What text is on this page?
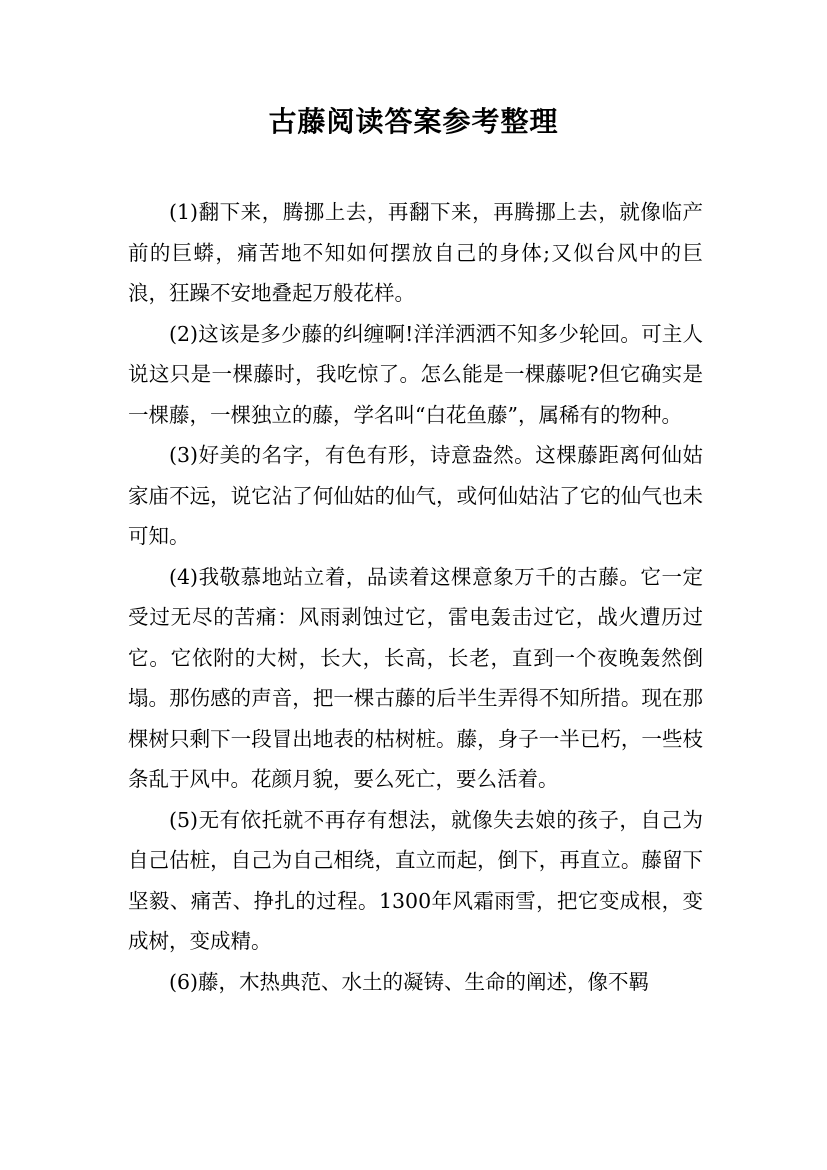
古藤阅读答案参考整理

(1)翻下来，腾挪上去，再翻下来，再腾挪上去，就像临产前的巨蟒，痛苦地不知如何摆放自己的身体;又似台风中的巨浪，狂躁不安地叠起万般花样。

(2)这该是多少藤的纠缠啊!洋洋洒洒不知多少轮回。可主人说这只是一棵藤时，我吃惊了。怎么能是一棵藤呢?但它确实是一棵藤，一棵独立的藤，学名叫“白花鱼藤”，属稀有的物种。

(3)好美的名字，有色有形，诗意盎然。这棵藤距离何仙姑家庙不远，说它沾了何仙姑的仙气，或何仙姑沾了它的仙气也未可知。

(4)我敬慕地站立着，品读着这棵意象万千的古藤。它一定受过无尽的苦痛：风雨剥蚀过它，雷电轰击过它，战火遭历过它。它依附的大树，长大，长高，长老，直到一个夜晚轰然倒塌。那伤感的声音，把一棵古藤的后半生弄得不知所措。现在那棵树只剩下一段冒出地表的枯树桩。藤，身子一半已朽，一些枝条乱于风中。花颜月貌，要么死亡，要么活着。

(5)无有依托就不再存有想法，就像失去娘的孩子，自己为自己估桩，自己为自己相绕，直立而起，倒下，再直立。藤留下坚毅、痛苦、挣扎的过程。1300年风霜雨雪，把它变成根，变成树，变成精。

(6)藤，木热典范、水土的凝铸、生命的阐述，像不羁
